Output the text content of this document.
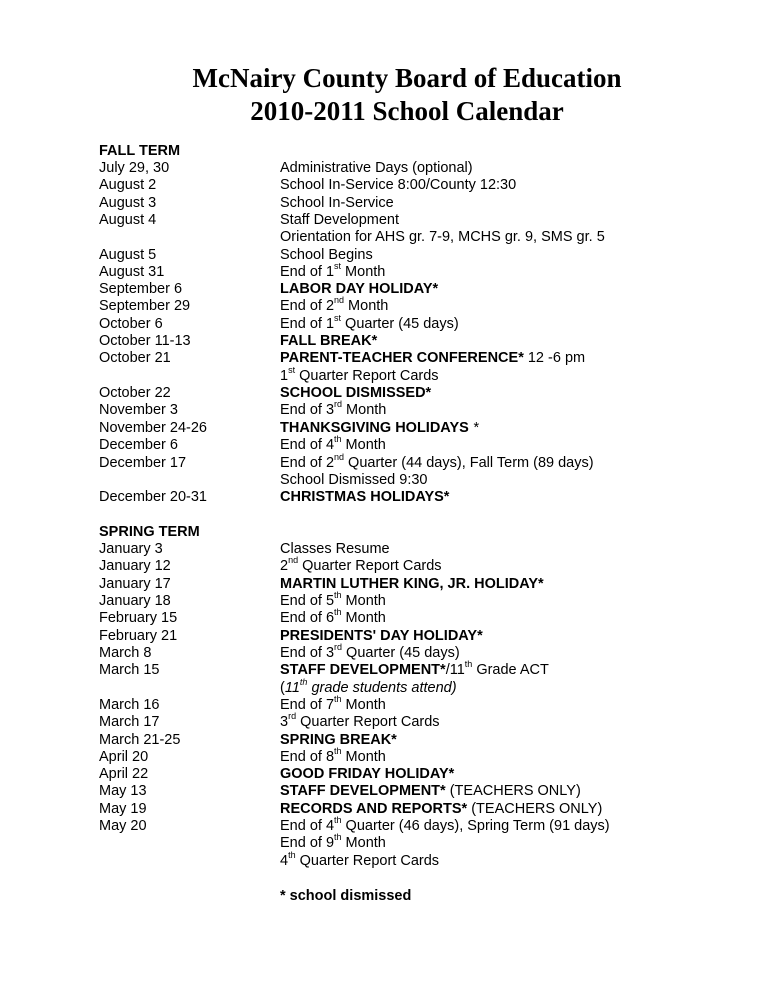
McNairy County Board of Education
2010-2011 School Calendar
FALL TERM
July 29, 30	Administrative Days (optional)
August 2	School In-Service 8:00/County 12:30
August 3	School In-Service
August 4	Staff Development
Orientation for AHS gr. 7-9, MCHS gr. 9, SMS gr. 5
August 5	School Begins
August 31	End of 1st Month
September 6	LABOR DAY HOLIDAY*
September 29	End of 2nd Month
October 6	End of 1st Quarter (45 days)
October 11-13	FALL BREAK*
October 21	PARENT-TEACHER CONFERENCE* 12 -6 pm
1st Quarter Report Cards
October 22	SCHOOL DISMISSED*
November 3	End of 3rd Month
November 24-26	THANKSGIVING HOLIDAYS *
December 6	End of 4th Month
December 17	End of 2nd Quarter (44 days), Fall Term (89 days)
School Dismissed 9:30
December 20-31	CHRISTMAS HOLIDAYS*
SPRING TERM
January 3	Classes Resume
January 12	2nd Quarter Report Cards
January 17	MARTIN LUTHER KING, JR. HOLIDAY*
January 18	End of 5th Month
February 15	End of 6th Month
February 21	PRESIDENTS' DAY HOLIDAY*
March 8	End of 3rd Quarter (45 days)
March 15	STAFF DEVELOPMENT*/11th Grade ACT
(11th grade students attend)
March 16	End of 7th Month
March 17	3rd Quarter Report Cards
March 21-25	SPRING BREAK*
April 20	End of 8th Month
April 22	GOOD FRIDAY HOLIDAY*
May 13	STAFF DEVELOPMENT* (TEACHERS ONLY)
May 19	RECORDS AND REPORTS* (TEACHERS ONLY)
May 20	End of 4th Quarter (46 days), Spring Term (91 days)
End of 9th Month
4th Quarter Report Cards
* school dismissed
